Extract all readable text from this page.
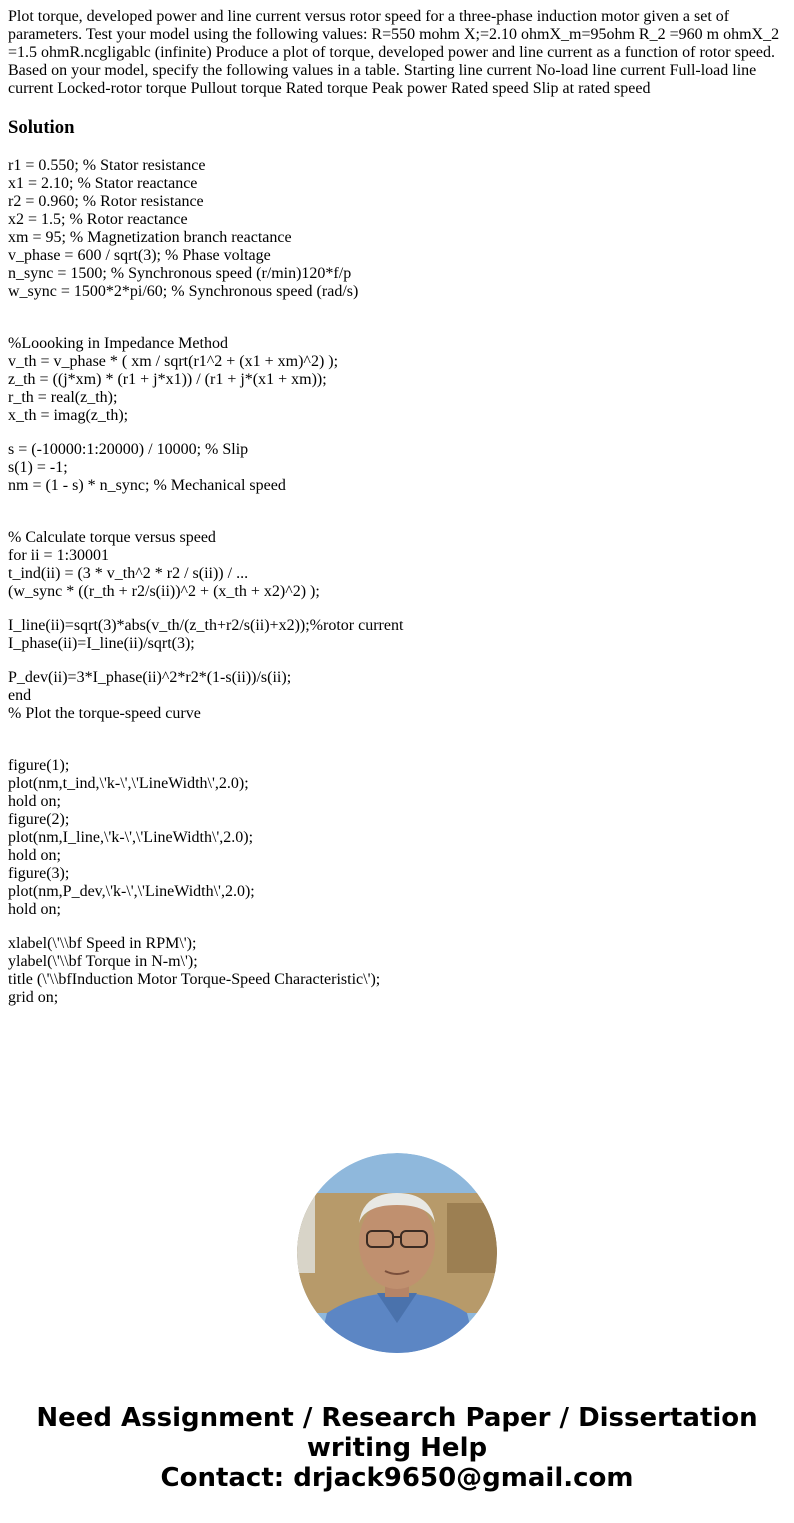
Plot torque, developed power and line current versus rotor speed for a three-phase induction motor given a set of parameters. Test your model using the following values: R=550 mohm X;=2.10 ohmX_m=95ohm R_2 =960 m ohmX_2 =1.5 ohmR.ncgligablc (infinite) Produce a plot of torque, developed power and line current as a function of rotor speed. Based on your model, specify the following values in a table. Starting line current No-load line current Full-load line current Locked-rotor torque Pullout torque Rated torque Peak power Rated speed Slip at rated speed

Solution
r1 = 0.550; % Stator resistance
x1 = 2.10; % Stator reactance
r2 = 0.960; % Rotor resistance
x2 = 1.5; % Rotor reactance
xm = 95; % Magnetization branch reactance
v_phase = 600 / sqrt(3); % Phase voltage
n_sync = 1500; % Synchronous speed (r/min)120*f/p
w_sync = 1500*2*pi/60; % Synchronous speed (rad/s)
%Loooking in Impedance Method
v_th = v_phase * ( xm / sqrt(r1^2 + (x1 + xm)^2) );
z_th = ((j*xm) * (r1 + j*x1)) / (r1 + j*(x1 + xm));
r_th = real(z_th);
x_th = imag(z_th);
s = (-10000:1:20000) / 10000; % Slip
s(1) = -1;
nm = (1 - s) * n_sync; % Mechanical speed
% Calculate torque versus speed
for ii = 1:30001
t_ind(ii) = (3 * v_th^2 * r2 / s(ii)) / ...
(w_sync * ((r_th + r2/s(ii))^2 + (x_th + x2)^2) );
I_line(ii)=sqrt(3)*abs(v_th/(z_th+r2/s(ii)+x2));%rotor current
I_phase(ii)=I_line(ii)/sqrt(3);
P_dev(ii)=3*I_phase(ii)^2*r2*(1-s(ii))/s(ii);
end
% Plot the torque-speed curve
figure(1);
plot(nm,t_ind,\'k-\',\'LineWidth\',2.0);
hold on;
figure(2);
plot(nm,I_line,\'k-\',\'LineWidth\',2.0);
hold on;
figure(3);
plot(nm,P_dev,\'k-\',\'LineWidth\',2.0);
hold on;
xlabel(\'\\bf Speed in RPM\');
ylabel(\'\\bf Torque in N-m\');
title (\'\\bfInduction Motor Torque-Speed Characteristic\');
grid on;
Need Assignment / Research Paper / Dissertation
writing Help
Contact: drjack9650@gmail.com
